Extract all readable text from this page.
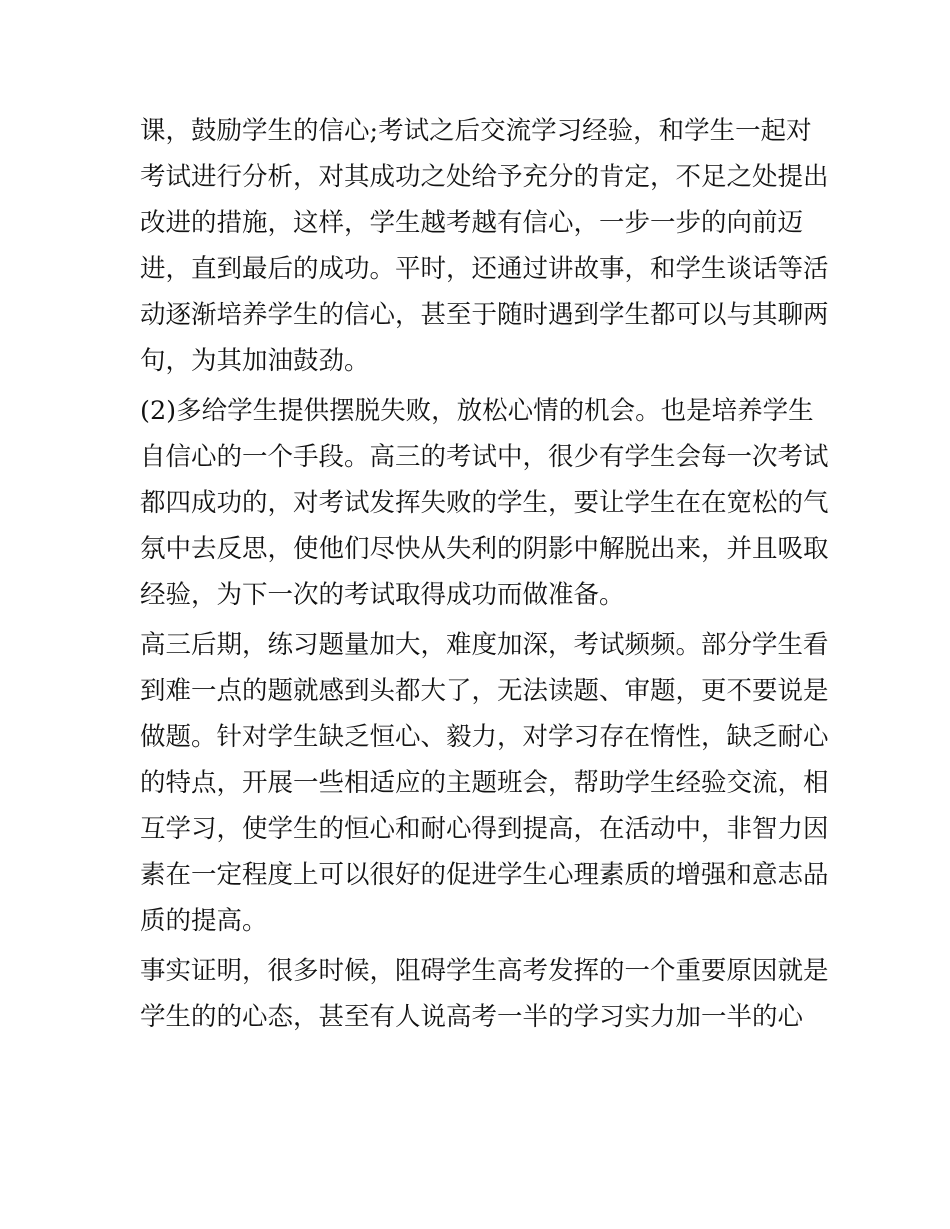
课，鼓励学生的信心;考试之后交流学习经验，和学生一起对
考试进行分析，对其成功之处给予充分的肯定，不足之处提出
改进的措施，这样，学生越考越有信心，一步一步的向前迈
进，直到最后的成功。平时，还通过讲故事，和学生谈话等活
动逐渐培养学生的信心，甚至于随时遇到学生都可以与其聊两
句，为其加油鼓劲。
(2)多给学生提供摆脱失败，放松心情的机会。也是培养学生
自信心的一个手段。高三的考试中，很少有学生会每一次考试
都四成功的，对考试发挥失败的学生，要让学生在在宽松的气
氛中去反思，使他们尽快从失利的阴影中解脱出来，并且吸取
经验，为下一次的考试取得成功而做准备。
高三后期，练习题量加大，难度加深，考试频频。部分学生看
到难一点的题就感到头都大了，无法读题、审题，更不要说是
做题。针对学生缺乏恒心、毅力，对学习存在惰性，缺乏耐心
的特点，开展一些相适应的主题班会，帮助学生经验交流，相
互学习，使学生的恒心和耐心得到提高，在活动中，非智力因
素在一定程度上可以很好的促进学生心理素质的增强和意志品
质的提高。
事实证明，很多时候，阻碍学生高考发挥的一个重要原因就是
学生的的心态，甚至有人说高考一半的学习实力加一半的心
